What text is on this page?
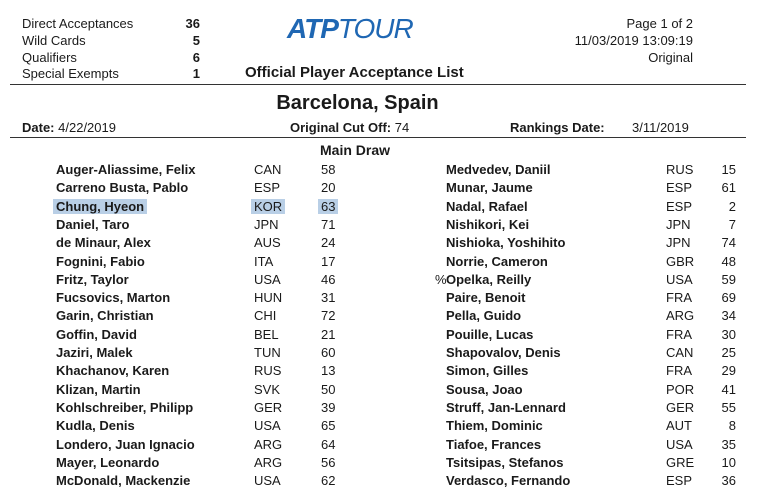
Direct Acceptances	36
Wild Cards	5
Qualifiers	6
Special Exempts	1
ATPTOUR
Official Player Acceptance List
Page 1 of 2
11/03/2019 13:09:19
Original
Barcelona, Spain
Date: 4/22/2019	Original Cut Off: 74	Rankings Date: 3/11/2019
Main Draw
Auger-Aliassime, Felix	CAN	58
Carreno Busta, Pablo	ESP	20
Chung, Hyeon	KOR	63
Daniel, Taro	JPN	71
de Minaur, Alex	AUS	24
Fognini, Fabio	ITA	17
Fritz, Taylor	USA	46
Fucsovics, Marton	HUN	31
Garin, Christian	CHI	72
Goffin, David	BEL	21
Jaziri, Malek	TUN	60
Khachanov, Karen	RUS	13
Klizan, Martin	SVK	50
Kohlschreiber, Philipp	GER	39
Kudla, Denis	USA	65
Londero, Juan Ignacio	ARG	64
Mayer, Leonardo	ARG	56
McDonald, Mackenzie	USA	62
Medvedev, Daniil	RUS	15
Munar, Jaume	ESP	61
Nadal, Rafael	ESP	2
Nishikori, Kei	JPN	7
Nishioka, Yoshihito	JPN	74
Norrie, Cameron	GBR	48
% Opelka, Reilly	USA	59
Paire, Benoit	FRA	69
Pella, Guido	ARG	34
Pouille, Lucas	FRA	30
Shapovalov, Denis	CAN	25
Simon, Gilles	FRA	29
Sousa, Joao	POR	41
Struff, Jan-Lennard	GER	55
Thiem, Dominic	AUT	8
Tiafoe, Frances	USA	35
Tsitsipas, Stefanos	GRE	10
Verdasco, Fernando	ESP	36
